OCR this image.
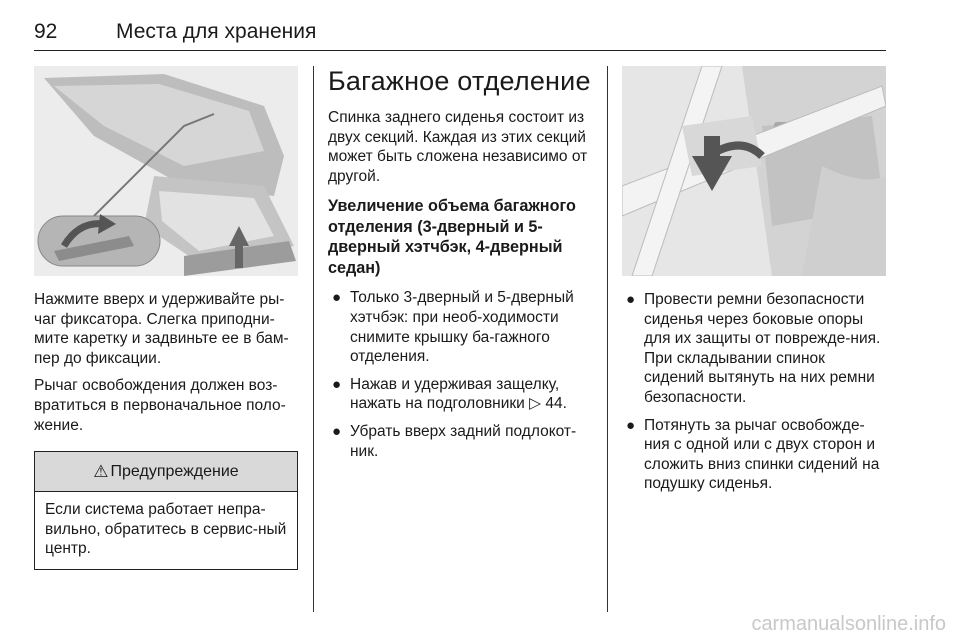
92	Места для хранения

Нажмите вверх и удерживайте ры-чаг фиксатора. Слегка приподни-мите каретку и задвиньте ее в бам-пер до фиксации.

Рычаг освобождения должен воз-вратиться в первоначальное поло-жение.

⚠ Предупреждение
Если система работает непра-вильно, обратитесь в сервис-ный центр.
Багажное отделение

Спинка заднего сиденья состоит из двух секций. Каждая из этих секций может быть сложена независимо от другой.

Увеличение объема багажного отделения (3-дверный и 5-дверный хэтчбэк, 4-дверный седан)
● Только 3-дверный и 5-дверный хэтчбэк: при необ-ходимости снимите крышку ба-гажного отделения.
● Нажав и удерживая защелку, нажать на подголовники ▷ 44.
● Убрать вверх задний подлокот-ник.
● Провести ремни безопасности сиденья через боковые опоры для их защиты от поврежде-ния. При складывании спинок сидений вытянуть на них ремни безопасности.
● Потянуть за рычаг освобожде-ния с одной или с двух сторон и сложить вниз спинки сидений на подушку сиденья.
carmanualsonline.info
